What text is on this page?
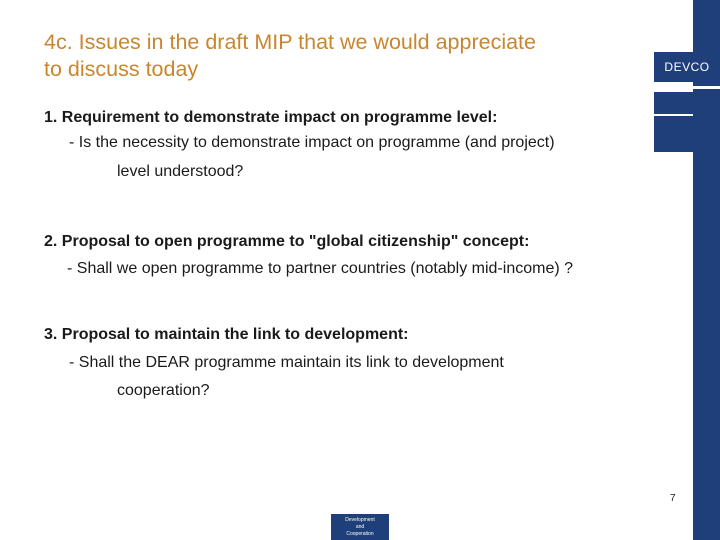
4c. Issues in the draft MIP that we would appreciate
to discuss today	DEVCO
1. Requirement to demonstrate impact on programme level:
- Is the necessity to demonstrate impact on programme (and project)
level understood?
2. Proposal to open programme to "global citizenship" concept:
- Shall we open programme to partner countries (notably mid-income) ?
3. Proposal to maintain the link to development:
- Shall the DEAR programme maintain its link to development
cooperation?
7
Development
and
Cooperation
